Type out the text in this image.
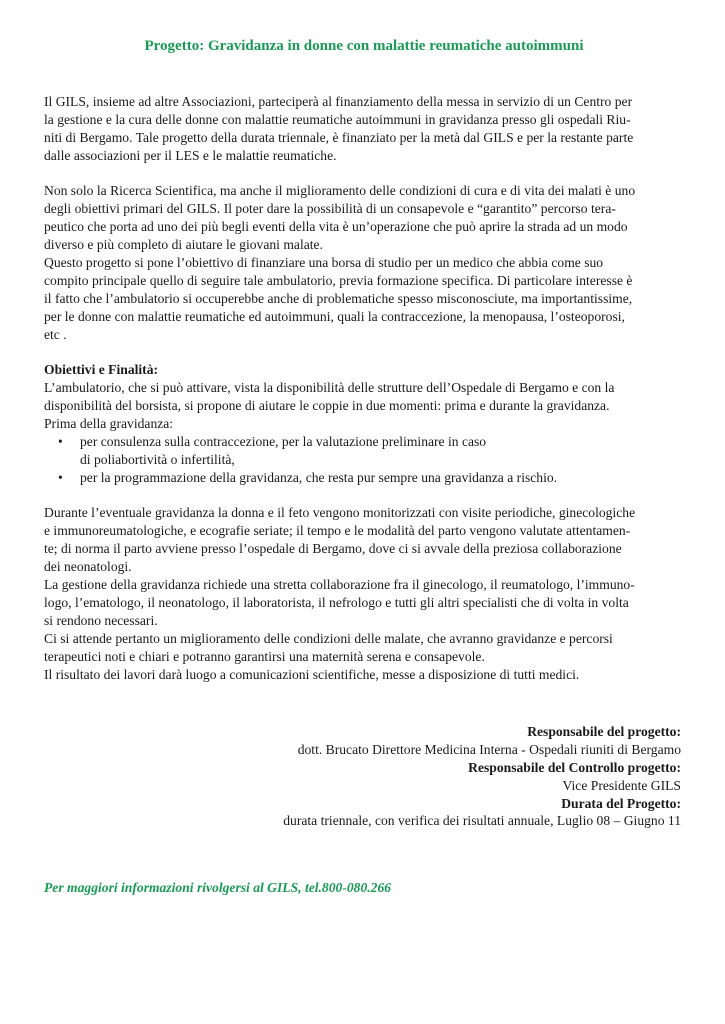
Progetto: Gravidanza in donne con malattie reumatiche autoimmuni
Il GILS, insieme ad altre Associazioni, parteciperà al finanziamento della messa in servizio di un Centro per
la gestione e la cura delle donne con malattie reumatiche autoimmuni in gravidanza presso gli ospedali Riu-
niti di Bergamo. Tale progetto della durata triennale, è finanziato per la metà dal GILS e per la restante parte
dalle associazioni per il LES e le malattie reumatiche.
Non solo la Ricerca Scientifica, ma anche il miglioramento delle condizioni di cura e di vita dei malati è uno
degli obiettivi primari del GILS. Il poter dare la possibilità di un consapevole e “garantito” percorso tera-
peutico che porta ad uno dei più begli eventi della vita è un’operazione che può aprire la strada ad un modo
diverso e più completo di aiutare le giovani malate.
Questo progetto si pone l’obiettivo di finanziare una borsa di studio per un medico che abbia come suo
compito principale quello di seguire tale ambulatorio, previa formazione specifica. Di particolare interesse è
il fatto che l’ambulatorio si occuperebbe anche di problematiche spesso misconosciute, ma importantissime,
per le donne con malattie reumatiche ed autoimmuni, quali la contraccezione, la menopausa, l’osteoporosi,
etc .
Obiettivi e Finalità:
L’ambulatorio, che si può attivare, vista la disponibilità delle strutture dell’Ospedale di Bergamo e con la
disponibilità del borsista, si propone di aiutare le coppie in due momenti: prima e durante la gravidanza.
Prima della gravidanza:
• per consulenza sulla contraccezione, per la valutazione preliminare in caso
di poliabortività o infertilità,
• per la programmazione della gravidanza, che resta pur sempre una gravidanza a rischio.
Durante l’eventuale gravidanza la donna e il feto vengono monitorizzati con visite periodiche, ginecologiche
e immunoreumatologiche, e ecografie seriate; il tempo e le modalità del parto vengono valutate attentamen-
te; di norma il parto avviene presso l’ospedale di Bergamo, dove ci si avvale della preziosa collaborazione
dei neonatologi.
La gestione della gravidanza richiede una stretta collaborazione fra il ginecologo, il reumatologo, l’immuno-
logo, l’ematologo, il neonatologo, il laboratorista, il nefrologo e tutti gli altri specialisti che di volta in volta
si rendono necessari.
Ci si attende pertanto un miglioramento delle condizioni delle malate, che avranno gravidanze e percorsi
terapeutici noti e chiari e potranno garantirsi una maternità serena e consapevole.
Il risultato dei lavori darà luogo a comunicazioni scientifiche, messe a disposizione di tutti medici.
Responsabile del progetto:
dott. Brucato Direttore Medicina Interna - Ospedali riuniti di Bergamo
Responsabile del Controllo progetto:
Vice Presidente GILS
Durata del Progetto:
durata triennale, con verifica dei risultati annuale, Luglio 08 – Giugno 11
Per maggiori informazioni rivolgersi al GILS, tel.800-080.266
